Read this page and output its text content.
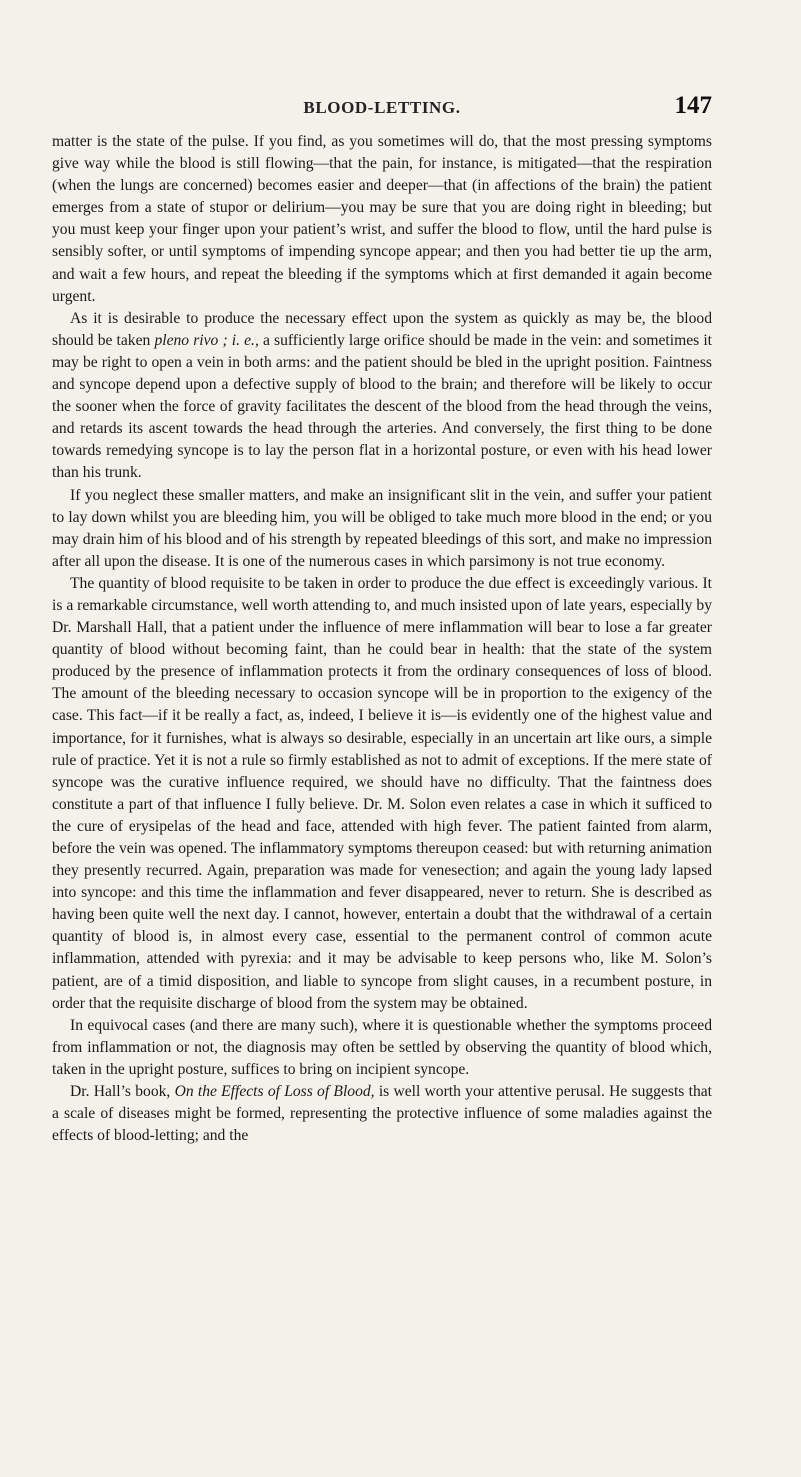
BLOOD-LETTING.	147

matter is the state of the pulse. If you find, as you sometimes will do, that the most pressing symptoms give way while the blood is still flowing—that the pain, for instance, is mitigated—that the respiration (when the lungs are concerned) becomes easier and deeper—that (in affections of the brain) the patient emerges from a state of stupor or delirium—you may be sure that you are doing right in bleeding; but you must keep your finger upon your patient’s wrist, and suffer the blood to flow, until the hard pulse is sensibly softer, or until symptoms of impending syncope appear; and then you had better tie up the arm, and wait a few hours, and repeat the bleeding if the symptoms which at first demanded it again become urgent.

As it is desirable to produce the necessary effect upon the system as quickly as may be, the blood should be taken pleno rivo ; i. e., a sufficiently large orifice should be made in the vein: and sometimes it may be right to open a vein in both arms: and the patient should be bled in the upright position. Faintness and syncope depend upon a defective supply of blood to the brain; and therefore will be likely to occur the sooner when the force of gravity facilitates the descent of the blood from the head through the veins, and retards its ascent towards the head through the arteries. And conversely, the first thing to be done towards remedying syncope is to lay the person flat in a horizontal posture, or even with his head lower than his trunk.

If you neglect these smaller matters, and make an insignificant slit in the vein, and suffer your patient to lay down whilst you are bleeding him, you will be obliged to take much more blood in the end; or you may drain him of his blood and of his strength by repeated bleedings of this sort, and make no impression after all upon the disease. It is one of the numerous cases in which parsimony is not true economy.

The quantity of blood requisite to be taken in order to produce the due effect is exceedingly various. It is a remarkable circumstance, well worth attending to, and much insisted upon of late years, especially by Dr. Marshall Hall, that a patient under the influence of mere inflammation will bear to lose a far greater quantity of blood without becoming faint, than he could bear in health: that the state of the system produced by the presence of inflammation protects it from the ordinary consequences of loss of blood. The amount of the bleeding necessary to occasion syncope will be in proportion to the exigency of the case. This fact—if it be really a fact, as, indeed, I believe it is—is evidently one of the highest value and importance, for it furnishes, what is always so desirable, especially in an uncertain art like ours, a simple rule of practice. Yet it is not a rule so firmly established as not to admit of exceptions. If the mere state of syncope was the curative influence required, we should have no difficulty. That the faintness does constitute a part of that influence I fully believe. Dr. M. Solon even relates a case in which it sufficed to the cure of erysipelas of the head and face, attended with high fever. The patient fainted from alarm, before the vein was opened. The inflammatory symptoms thereupon ceased: but with returning animation they presently recurred. Again, preparation was made for venesection; and again the young lady lapsed into syncope: and this time the inflammation and fever disappeared, never to return. She is described as having been quite well the next day. I cannot, however, entertain a doubt that the withdrawal of a certain quantity of blood is, in almost every case, essential to the permanent control of common acute inflammation, attended with pyrexia: and it may be advisable to keep persons who, like M. Solon’s patient, are of a timid disposition, and liable to syncope from slight causes, in a recumbent posture, in order that the requisite discharge of blood from the system may be obtained.

In equivocal cases (and there are many such), where it is questionable whether the symptoms proceed from inflammation or not, the diagnosis may often be settled by observing the quantity of blood which, taken in the upright posture, suffices to bring on incipient syncope.

Dr. Hall’s book, On the Effects of Loss of Blood, is well worth your attentive perusal. He suggests that a scale of diseases might be formed, representing the protective influence of some maladies against the effects of blood-letting; and the
